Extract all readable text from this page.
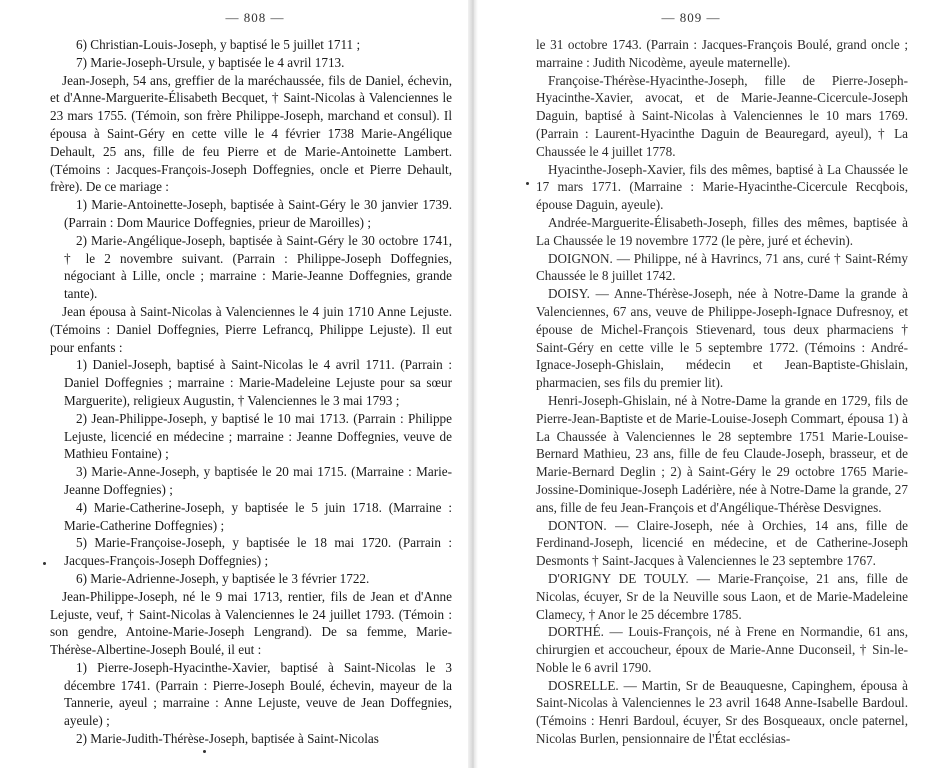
— 808 —

6) Christian-Louis-Joseph, y baptisé le 5 juillet 1711 ;

7) Marie-Joseph-Ursule, y baptisée le 4 avril 1713.

Jean-Joseph, 54 ans, greffier de la maréchaussée, fils de Daniel, échevin, et d'Anne-Marguerite-Élisabeth Becquet, † Saint-Nicolas à Valenciennes le 23 mars 1755. (Témoin, son frère Philippe-Joseph, marchand et consul). Il épousa à Saint-Géry en cette ville le 4 février 1738 Marie-Angélique Dehault, 25 ans, fille de feu Pierre et de Marie-Antoinette Lambert. (Témoins : Jacques-François-Joseph Doffegnies, oncle et Pierre Dehault, frère). De ce mariage :

1) Marie-Antoinette-Joseph, baptisée à Saint-Géry le 30 janvier 1739. (Parrain : Dom Maurice Doffegnies, prieur de Maroilles) ;

2) Marie-Angélique-Joseph, baptisée à Saint-Géry le 30 octobre 1741, † le 2 novembre suivant. (Parrain : Philippe-Joseph Doffegnies, négociant à Lille, oncle ; marraine : Marie-Jeanne Doffegnies, grande tante).

Jean épousa à Saint-Nicolas à Valenciennes le 4 juin 1710 Anne Lejuste. (Témoins : Daniel Doffegnies, Pierre Lefrancq, Philippe Lejuste). Il eut pour enfants :

1) Daniel-Joseph, baptisé à Saint-Nicolas le 4 avril 1711. (Parrain : Daniel Doffegnies ; marraine : Marie-Madeleine Lejuste pour sa sœur Marguerite), religieux Augustin, † Valenciennes le 3 mai 1793 ;

2) Jean-Philippe-Joseph, y baptisé le 10 mai 1713. (Parrain : Philippe Lejuste, licencié en médecine ; marraine : Jeanne Doffegnies, veuve de Mathieu Fontaine) ;

3) Marie-Anne-Joseph, y baptisée le 20 mai 1715. (Marraine : Marie-Jeanne Doffegnies) ;

4) Marie-Catherine-Joseph, y baptisée le 5 juin 1718. (Marraine : Marie-Catherine Doffegnies) ;

5) Marie-Françoise-Joseph, y baptisée le 18 mai 1720. (Parrain : Jacques-François-Joseph Doffegnies) ;

6) Marie-Adrienne-Joseph, y baptisée le 3 février 1722.

Jean-Philippe-Joseph, né le 9 mai 1713, rentier, fils de Jean et d'Anne Lejuste, veuf, † Saint-Nicolas à Valenciennes le 24 juillet 1793. (Témoin : son gendre, Antoine-Marie-Joseph Lengrand). De sa femme, Marie-Thérèse-Albertine-Joseph Boulé, il eut :

1) Pierre-Joseph-Hyacinthe-Xavier, baptisé à Saint-Nicolas le 3 décembre 1741. (Parrain : Pierre-Joseph Boulé, échevin, mayeur de la Tannerie, ayeul ; marraine : Anne Lejuste, veuve de Jean Doffegnies, ayeule) ;

2) Marie-Judith-Thérèse-Joseph, baptisée à Saint-Nicolas

— 809 —

le 31 octobre 1743. (Parrain : Jacques-François Boulé, grand oncle ; marraine : Judith Nicodème, ayeule maternelle).

Françoise-Thérèse-Hyacinthe-Joseph, fille de Pierre-Joseph-Hyacinthe-Xavier, avocat, et de Marie-Jeanne-Cicercule-Joseph Daguin, baptisé à Saint-Nicolas à Valenciennes le 10 mars 1769. (Parrain : Laurent-Hyacinthe Daguin de Beauregard, ayeul), † La Chaussée le 4 juillet 1778.

Hyacinthe-Joseph-Xavier, fils des mêmes, baptisé à La Chaussée le 17 mars 1771. (Marraine : Marie-Hyacinthe-Cicercule Recqbois, épouse Daguin, ayeule).

Andrée-Marguerite-Élisabeth-Joseph, filles des mêmes, baptisée à La Chaussée le 19 novembre 1772 (le père, juré et échevin).

DOIGNON. — Philippe, né à Havrincs, 71 ans, curé † Saint-Rémy Chaussée le 8 juillet 1742.

DOISY. — Anne-Thérèse-Joseph, née à Notre-Dame la grande à Valenciennes, 67 ans, veuve de Philippe-Joseph-Ignace Dufresnoy, et épouse de Michel-François Stievenard, tous deux pharmaciens † Saint-Géry en cette ville le 5 septembre 1772. (Témoins : André-Ignace-Joseph-Ghislain, médecin et Jean-Baptiste-Ghislain, pharmacien, ses fils du premier lit).

Henri-Joseph-Ghislain, né à Notre-Dame la grande en 1729, fils de Pierre-Jean-Baptiste et de Marie-Louise-Joseph Commart, épousa 1) à La Chaussée à Valenciennes le 28 septembre 1751 Marie-Louise-Bernard Mathieu, 23 ans, fille de feu Claude-Joseph, brasseur, et de Marie-Bernard Deglin ; 2) à Saint-Géry le 29 octobre 1765 Marie-Jossine-Dominique-Joseph Ladérière, née à Notre-Dame la grande, 27 ans, fille de feu Jean-François et d'Angélique-Thérèse Desvignes.

DONTON. — Claire-Joseph, née à Orchies, 14 ans, fille de Ferdinand-Joseph, licencié en médecine, et de Catherine-Joseph Desmonts † Saint-Jacques à Valenciennes le 23 septembre 1767.

D'ORIGNY DE TOULY. — Marie-Françoise, 21 ans, fille de Nicolas, écuyer, Sr de la Neuville sous Laon, et de Marie-Madeleine Clamecy, † Anor le 25 décembre 1785.

DORTHÉ. — Louis-François, né à Frene en Normandie, 61 ans, chirurgien et accoucheur, époux de Marie-Anne Duconseil, † Sin-le-Noble le 6 avril 1790.

DOSRELLE. — Martin, Sr de Beauquesne, Capinghem, épousa à Saint-Nicolas à Valenciennes le 23 avril 1648 Anne-Isabelle Bardoul. (Témoins : Henri Bardoul, écuyer, Sr des Bosqueaux, oncle paternel, Nicolas Burlen, pensionnaire de l'État ecclésias-
